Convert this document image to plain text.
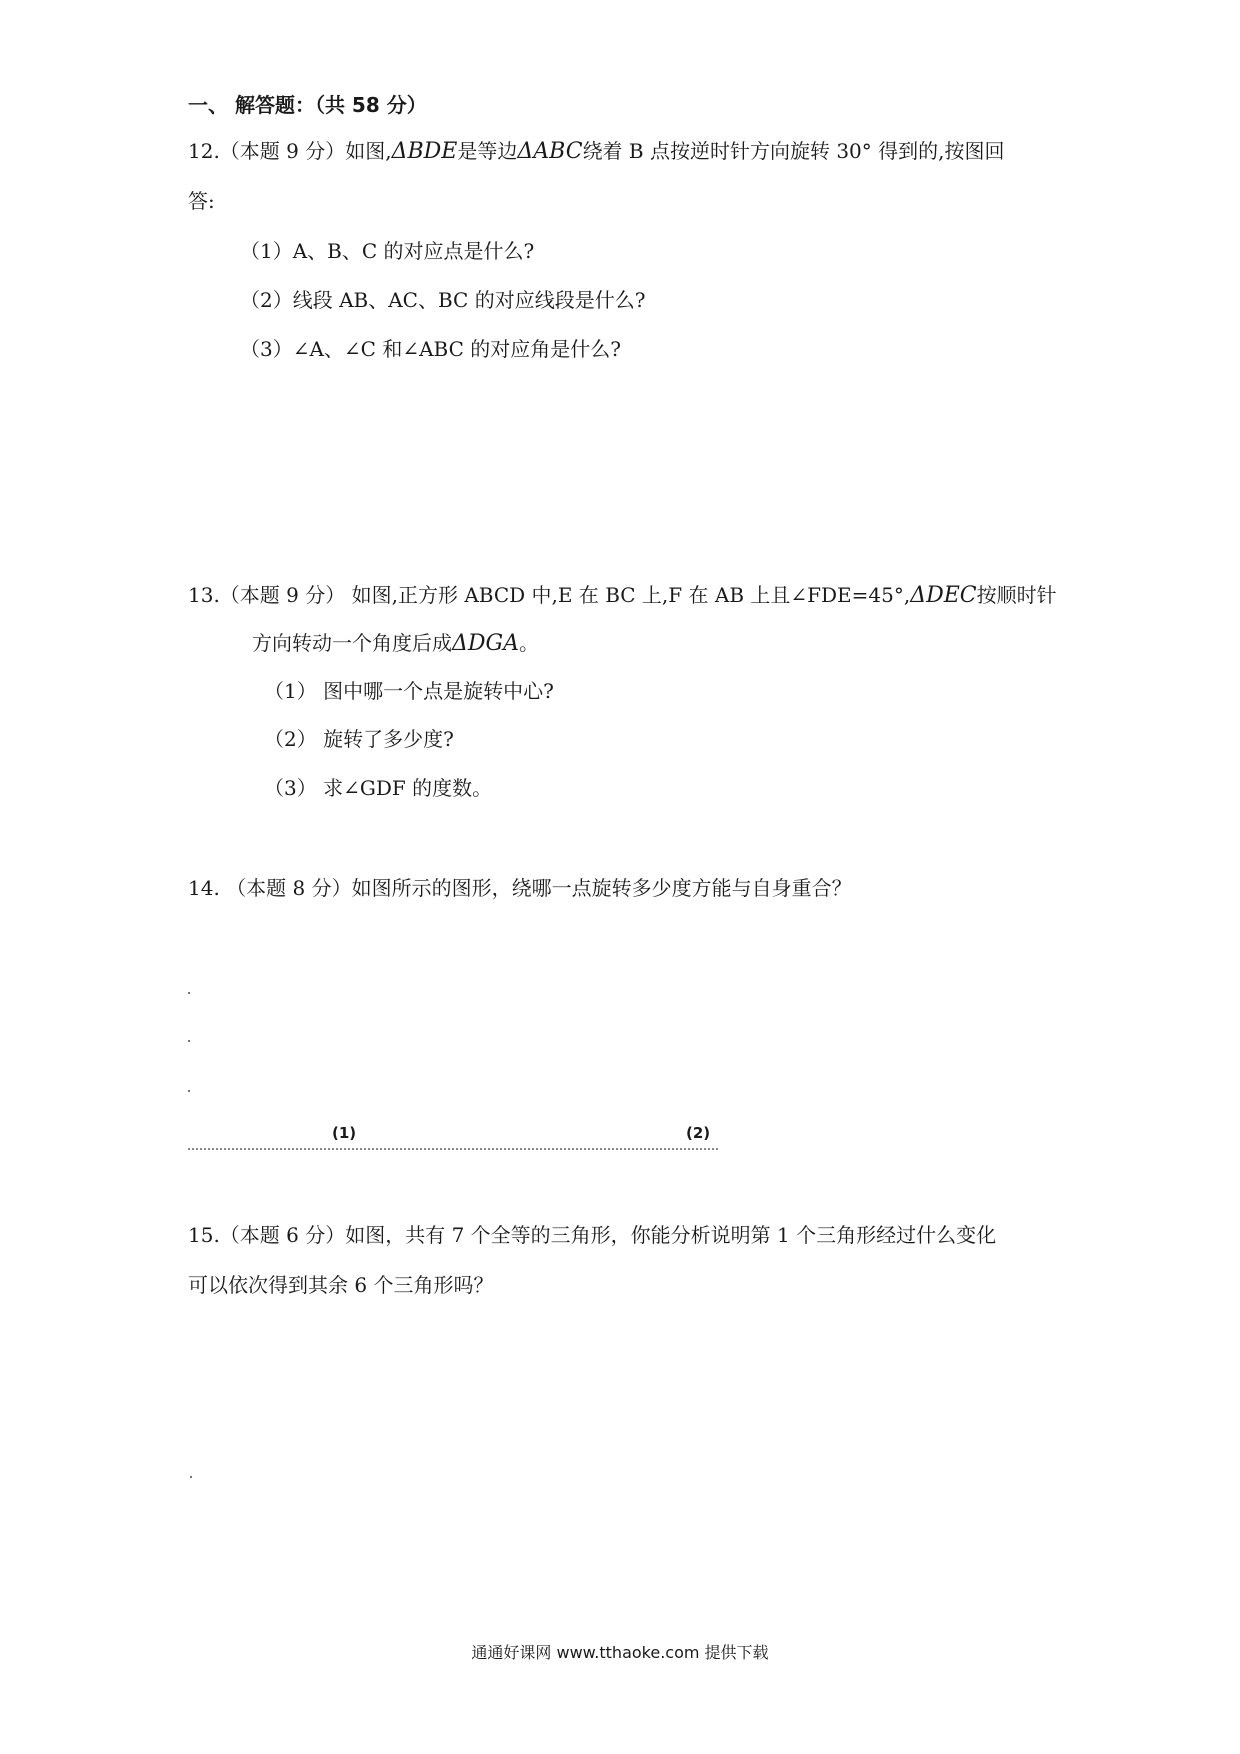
一、 解答题：（共 58 分）
12.（本题 9 分）如图,ΔBDE是等边ΔABC绕着 B 点按逆时针方向旋转 30° 得到的,按图回
答:
（1）A、B、C 的对应点是什么?
（2）线段 AB、AC、BC 的对应线段是什么?
（3）∠A、∠C 和∠ABC 的对应角是什么?
13.（本题 9 分） 如图,正方形 ABCD 中,E 在 BC 上,F 在 AB 上且∠FDE=45°,ΔDEC按顺时针
方向转动一个角度后成ΔDGA。
（1） 图中哪一个点是旋转中心?
（2） 旋转了多少度?
（3） 求∠GDF 的度数。
14. （本题 8 分）如图所示的图形，绕哪一点旋转多少度方能与自身重合？
(1)	(2)
15.（本题 6 分）如图，共有 7 个全等的三角形，你能分析说明第 1 个三角形经过什么变化
可以依次得到其余 6 个三角形吗？
通通好课网 www.tthaoke.com 提供下载
